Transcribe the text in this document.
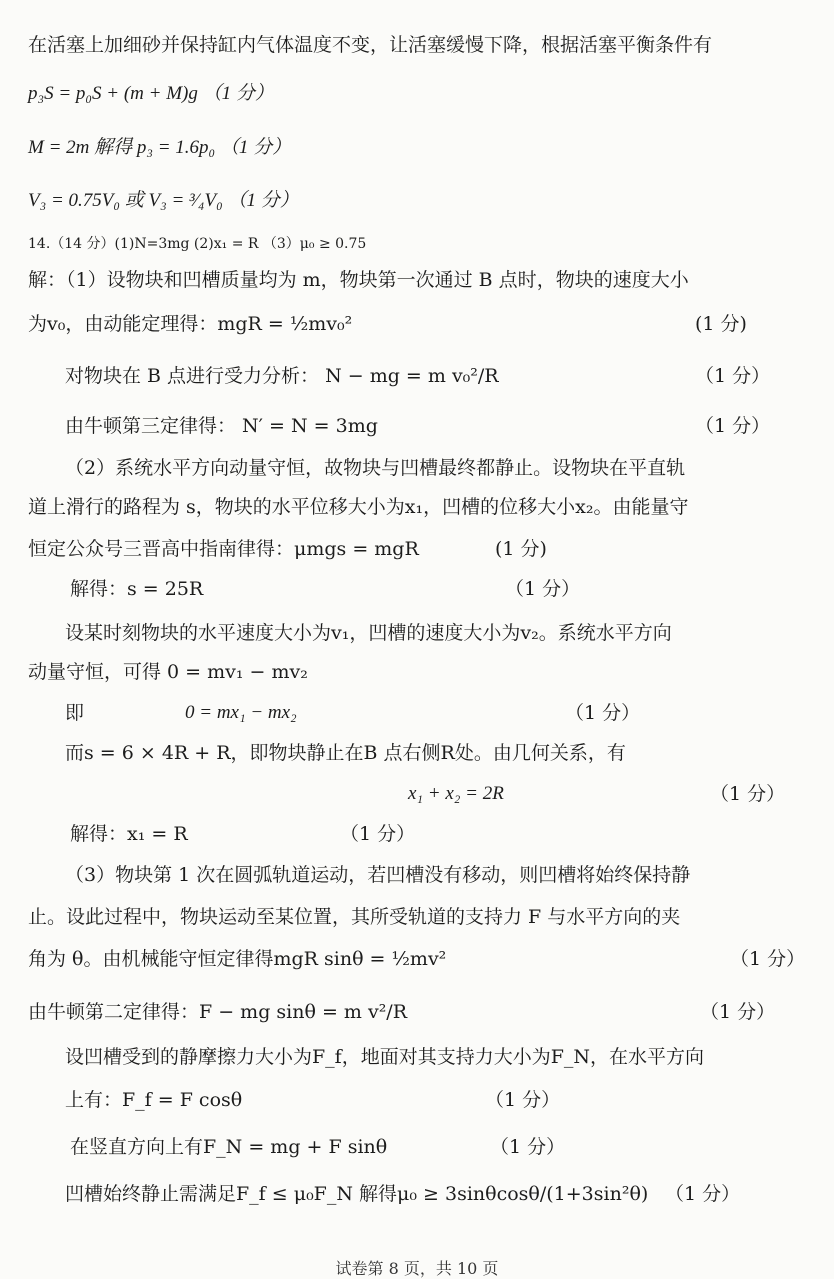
在活塞上加细砂并保持缸内气体温度不变，让活塞缓慢下降，根据活塞平衡条件有
p₃S = p₀S + (m + M)g （1 分）
M = 2m 解得 p₃ = 1.6p₀ （1 分）
V₃ = 0.75V₀ 或 V₃ = ³⁄₄V₀ （1 分）
14.（14 分）(1)N=3mg (2)x₁ = R （3）μ₀ ≥ 0.75
解：（1）设物块和凹槽质量均为 m，物块第一次通过 B 点时，物块的速度大小
为v₀，由动能定理得：mgR = ½mv₀²	(1 分)
对物块在 B 点进行受力分析： N − mg = m v₀²/R	（1 分）
由牛顿第三定律得： N′ = N = 3mg	（1 分）
（2）系统水平方向动量守恒，故物块与凹槽最终都静止。设物块在平直轨
道上滑行的路程为 s，物块的水平位移大小为x₁，凹槽的位移大小x₂。由能量守
恒定公众号三晋高中指南律得：μmgs = mgR	(1 分)
解得：s = 25R	（1 分）
设某时刻物块的水平速度大小为v₁，凹槽的速度大小为v₂。系统水平方向
动量守恒，可得 0 = mv₁ − mv₂
即	0 = mx₁ − mx₂	（1 分）
而s = 6 × 4R + R，即物块静止在B 点右侧R处。由几何关系，有
x₁ + x₂ = 2R	（1 分）
解得：x₁ = R	（1 分）
（3）物块第 1 次在圆弧轨道运动，若凹槽没有移动，则凹槽将始终保持静
止。设此过程中，物块运动至某位置，其所受轨道的支持力 F 与水平方向的夹
角为 θ。由机械能守恒定律得mgR sinθ = ½mv²	（1 分）
由牛顿第二定律得：F − mg sinθ = m v²/R	（1 分）
设凹槽受到的静摩擦力大小为F_f，地面对其支持力大小为F_N，在水平方向
上有：F_f = F cosθ	（1 分）
在竖直方向上有F_N = mg + F sinθ	（1 分）
凹槽始终静止需满足F_f ≤ μ₀F_N 解得μ₀ ≥ 3sinθcosθ/(1+3sin²θ) （1 分）
试卷第 8 页，共 10 页
